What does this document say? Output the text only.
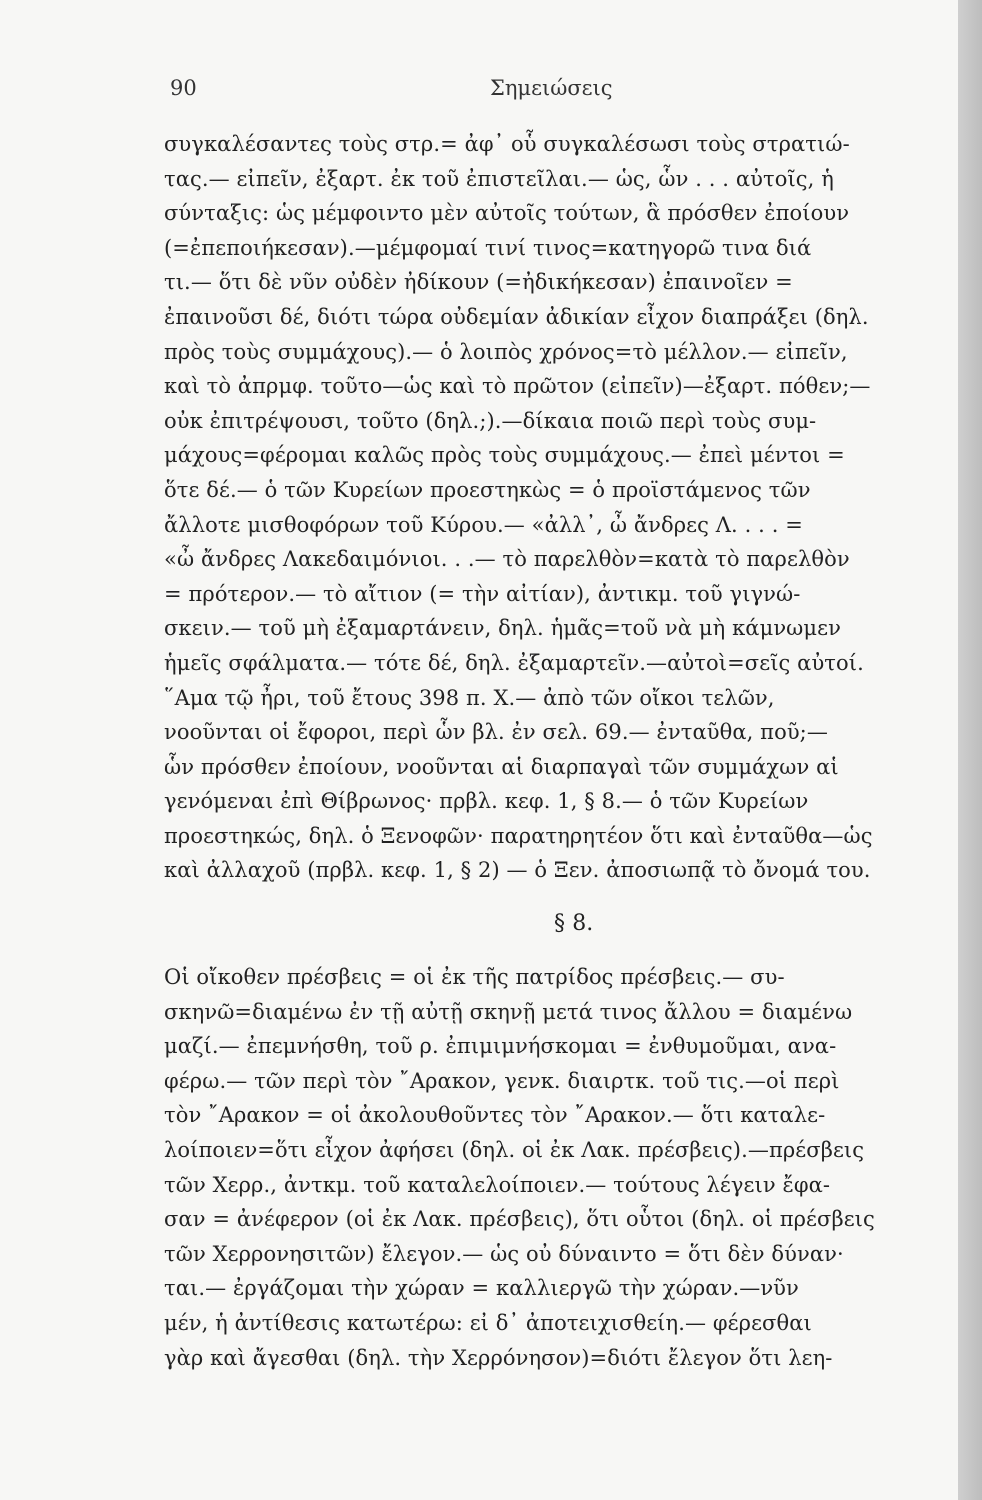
90	Σημειώσεις
συγκαλέσαντες τοὺς στρ.= ἀφ᾽ οὗ συγκαλέσωσι τοὺς στρατιώ-
τας.— εἰπεῖν, ἐξαρτ. ἐκ τοῦ ἐπιστεῖλαι.— ὡς, ὧν . . . αὐτοῖς, ἡ
σύνταξις: ὡς μέμφοιντο μὲν αὐτοῖς τούτων, ἃ πρόσθεν ἐποίουν
(=ἐπεποιήκεσαν).—μέμφομαί τινί τινος=κατηγορῶ τινα διά
τι.— ὅτι δὲ νῦν οὐδὲν ἠδίκουν (=ἠδικήκεσαν) ἐπαινοῖεν =
ἐπαινοῦσι δέ, διότι τώρα οὐδεμίαν ἀδικίαν εἶχον διαπράξει (δηλ.
πρὸς τοὺς συμμάχους).— ὁ λοιπὸς χρόνος=τὸ μέλλον.— εἰπεῖν,
καὶ τὸ ἀπρμφ. τοῦτο—ὡς καὶ τὸ πρῶτον (εἰπεῖν)—ἐξαρτ. πόθεν;—
οὐκ ἐπιτρέψουσι, τοῦτο (δηλ.;).—δίκαια ποιῶ περὶ τοὺς συμ-
μάχους=φέρομαι καλῶς πρὸς τοὺς συμμάχους.— ἐπεὶ μέντοι =
ὅτε δέ.— ὁ τῶν Κυρείων προεστηκὼς = ὁ προϊστάμενος τῶν
ἄλλοτε μισθοφόρων τοῦ Κύρου.— «ἀλλ᾽, ὦ ἄνδρες Λ. . . . =
«ὦ ἄνδρες Λακεδαιμόνιοι. . .— τὸ παρελθὸν=κατὰ τὸ παρελθὸν
= πρότερον.— τὸ αἴτιον (= τὴν αἰτίαν), ἀντικμ. τοῦ γιγνώ-
σκειν.— τοῦ μὴ ἐξαμαρτάνειν, δηλ. ἡμᾶς=τοῦ νὰ μὴ κάμνωμεν
ἡμεῖς σφάλματα.— τότε δέ, δηλ. ἐξαμαρτεῖν.—αὐτοὶ=σεῖς αὐτοί.
῞Αμα τῷ ἦρι, τοῦ ἔτους 398 π. Χ.— ἀπὸ τῶν οἴκοι τελῶν,
νοοῦνται οἱ ἔφοροι, περὶ ὧν βλ. ἐν σελ. 69.— ἐνταῦθα, ποῦ;—
ὧν πρόσθεν ἐποίουν, νοοῦνται αἱ διαρπαγαὶ τῶν συμμάχων αἱ
γενόμεναι ἐπὶ Θίβρωνος· πρβλ. κεφ. 1, § 8.— ὁ τῶν Κυρείων
προεστηκώς, δηλ. ὁ Ξενοφῶν· παρατηρητέον ὅτι καὶ ἐνταῦθα—ὡς
καὶ ἀλλαχοῦ (πρβλ. κεφ. 1, § 2) — ὁ Ξεν. ἀποσιωπᾷ τὸ ὄνομά του.
§ 8.
Οἱ οἴκοθεν πρέσβεις = οἱ ἐκ τῆς πατρίδος πρέσβεις.— συ-
σκηνῶ=διαμένω ἐν τῇ αὐτῇ σκηνῇ μετά τινος ἄλλου = διαμένω
μαζί.— ἐπεμνήσθη, τοῦ ρ. ἐπιμιμνήσκομαι = ἐνθυμοῦμαι, ανα-
φέρω.— τῶν περὶ τὸν ῎Αρακον, γενκ. διαιρτκ. τοῦ τις.—οἱ περὶ
τὸν ῎Αρακον = οἱ ἀκολουθοῦντες τὸν ῎Αρακον.— ὅτι καταλε-
λοίποιεν=ὅτι εἶχον ἀφήσει (δηλ. οἱ ἐκ Λακ. πρέσβεις).—πρέσβεις
τῶν Χερρ., ἀντκμ. τοῦ καταλελοίποιεν.— τούτους λέγειν ἔφα-
σαν = ἀνέφερον (οἱ ἐκ Λακ. πρέσβεις), ὅτι οὗτοι (δηλ. οἱ πρέσβεις
τῶν Χερρονησιτῶν) ἔλεγον.— ὡς οὐ δύναιντο = ὅτι δὲν δύναν·
ται.— ἐργάζομαι τὴν χώραν = καλλιεργῶ τὴν χώραν.—νῦν
μέν, ἡ ἀντίθεσις κατωτέρω: εἰ δ᾽ ἀποτειχισθείη.— φέρεσθαι
γὰρ καὶ ἄγεσθαι (δηλ. τὴν Χερρόνησον)=διότι ἔλεγον ὅτι λεη-
